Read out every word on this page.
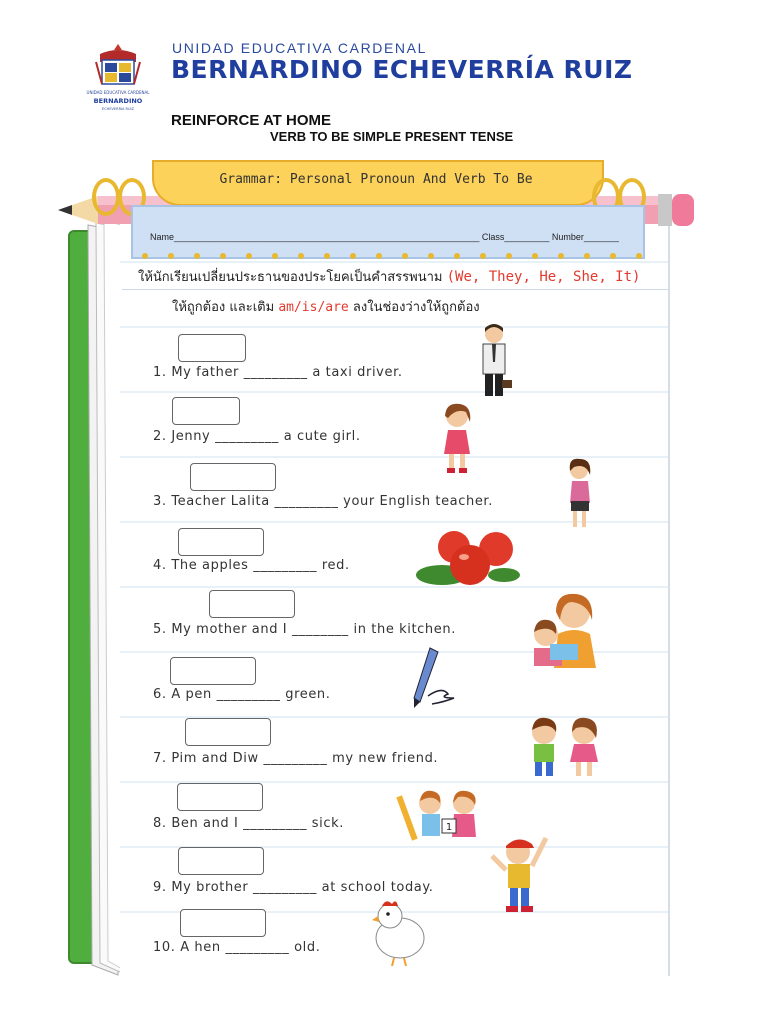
UNIDAD EDUCATIVA CARDENAL
BERNARDINO
ECHEVERRIA RUIZ
UNIDAD EDUCATIVA CARDENAL
BERNARDINO ECHEVERRÍA RUIZ
REINFORCE AT HOME
VERB TO BE SIMPLE PRESENT TENSE
Grammar: Personal Pronoun And Verb To Be
Name_____________________________________________________________ Class_________ Number_______
ให้นักเรียนเปลี่ยนประธานของประโยคเป็นคำสรรพนาม (We, They, He, She, It)
ให้ถูกต้อง และเติม am/is/are ลงในช่องว่างให้ถูกต้อง
1. My father _________ a taxi driver.
2. Jenny _________ a cute girl.
3. Teacher Lalita _________ your English teacher.
4. The apples _________ red.
5. My mother and I ________ in the kitchen.
6. A pen _________ green.
7. Pim and Diw _________ my new friend.
8. Ben and I _________ sick.
9. My brother _________ at school today.
10. A hen _________ old.
1
